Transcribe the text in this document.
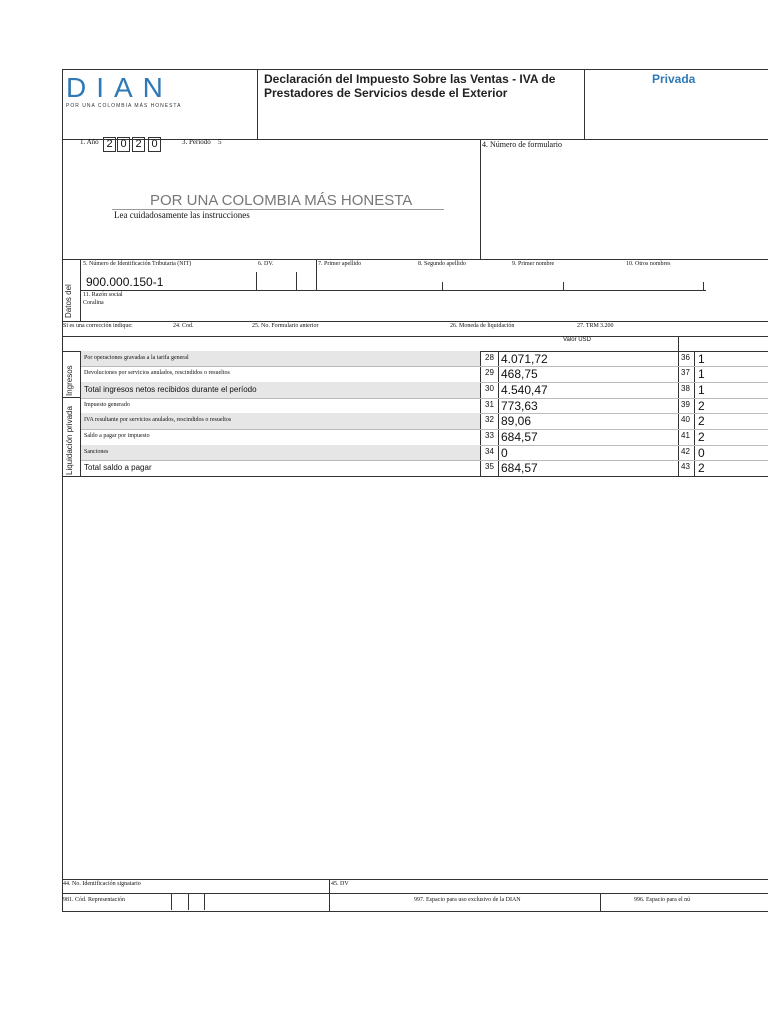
DIAN
POR UNA COLOMBIA MÁS HONESTA
Declaración del Impuesto Sobre las Ventas - IVA de
Prestadores de Servicios desde el Exterior
Privada
1. Año 2 0 2 0	3. Período 5	4. Número de formulario
POR UNA COLOMBIA MÁS HONESTA
Lea cuidadosamente las instrucciones
Datos del
5. Número de Identificación Tributaria (NIT)	6. DV.	7. Primer apellido	8. Segundo apellido	9. Primer nombre	10. Otros nombres
900.000.150-1
11. Razón social
Coralina
Si es una corrección indique:	24. Cod.	25. No. Formulario anterior	26. Moneda de liquidación	27. TRM 3.200
Valor USD
Ingresos
Liquidación privada
Por operaciones gravadas a la tarifa general	28 4.071,72	36 1
Devoluciones por servicios anulados, rescindidos o resueltos	29 468,75	37 1
Total ingresos netos recibidos durante el período	30 4.540,47	38 1
Impuesto generado	31 773,63	39 2
IVA resultante por servicios anulados, rescindidos o resueltos	32 89,06	40 2
Saldo a pagar por impuesto	33 684,57	41 2
Sanciones	34 0	42 0
Total saldo a pagar	35 684,57	43 2
44. No. Identificación signatario	45. DV
981. Cód. Representación	997. Espacio para uso exclusivo de la DIAN	996. Espacio para el nú
